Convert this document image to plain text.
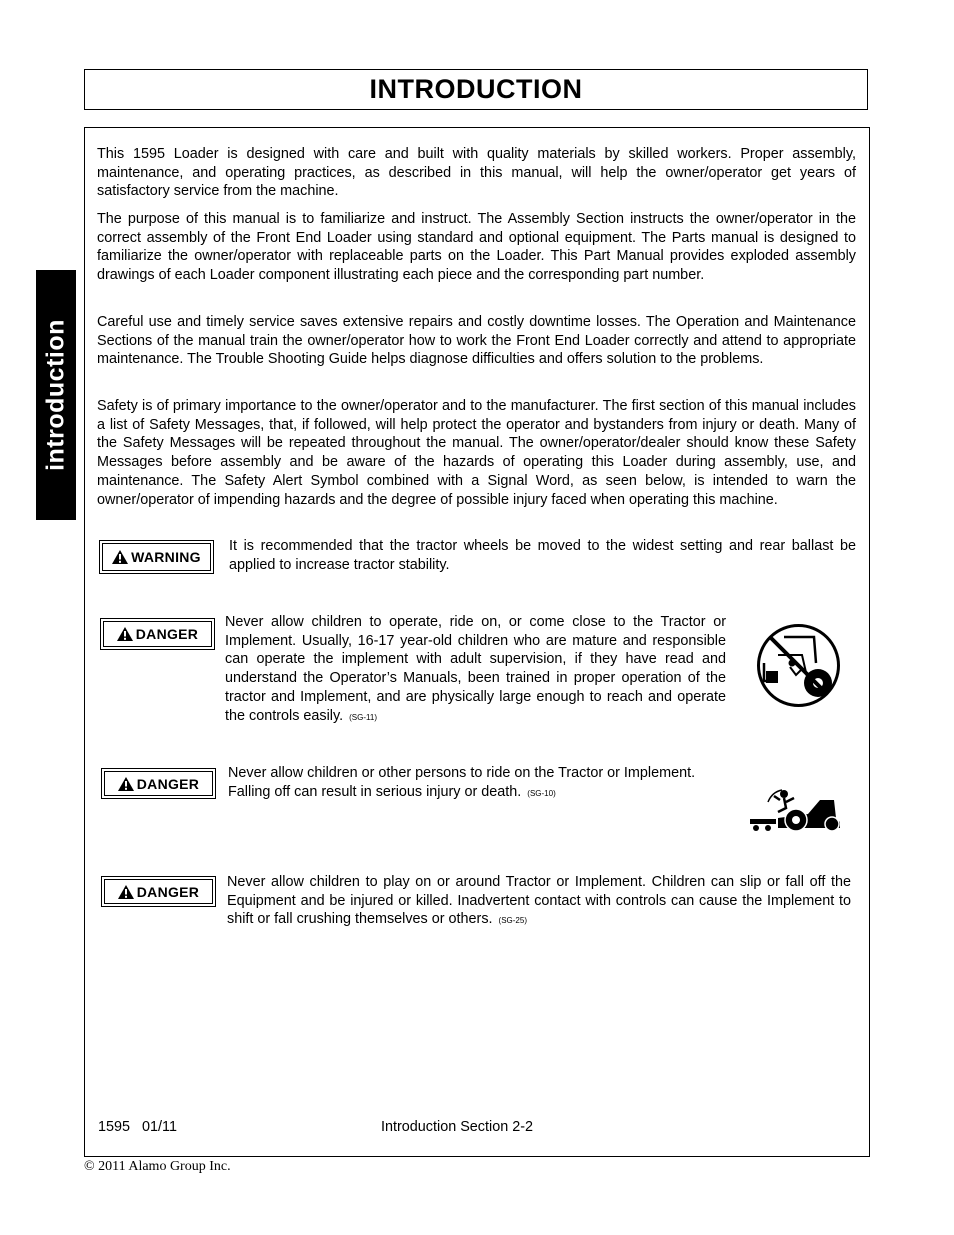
INTRODUCTION
introduction

This 1595 Loader is designed with care and built with quality materials by skilled workers. Proper assembly, maintenance, and operating practices, as described in this manual, will help the owner/operator get years of satisfactory service from the machine.

The purpose of this manual is to familiarize and instruct. The Assembly Section instructs the owner/operator in the correct assembly of the Front End Loader using standard and optional equipment. The Parts manual is designed to familiarize the owner/operator with replaceable parts on the Loader. This Part Manual provides exploded assembly drawings of each Loader component illustrating each piece and the corresponding part number.

Careful use and timely service saves extensive repairs and costly downtime losses. The Operation and Maintenance Sections of the manual train the owner/operator how to work the Front End Loader correctly and attend to appropriate maintenance. The Trouble Shooting Guide helps diagnose difficulties and offers solution to the problems.

Safety is of primary importance to the owner/operator and to the manufacturer. The first section of this manual includes a list of Safety Messages, that, if followed, will help protect the operator and bystanders from injury or death. Many of the Safety Messages will be repeated throughout the manual. The owner/operator/dealer should know these Safety Messages before assembly and be aware of the hazards of operating this Loader during assembly, use, and maintenance. The Safety Alert Symbol combined with a Signal Word, as seen below, is intended to warn the owner/operator of impending hazards and the degree of possible injury faced when operating this machine.

WARNING

It is recommended that the tractor wheels be moved to the widest setting and rear ballast be applied to increase tractor stability.

DANGER

Never allow children to operate, ride on, or come close to the Tractor or Implement. Usually, 16-17 year-old children who are mature and responsible can operate the implement with adult supervision, if they have read and understand the Operator’s Manuals, been trained in proper operation of the tractor and Implement, and are physically large enough to reach and operate the controls easily. (SG-11)

DANGER

Never allow children or other persons to ride on the Tractor or Implement. Falling off can result in serious injury or death. (SG-10)

DANGER

Never allow children to play on or around Tractor or Implement. Children can slip or fall off the Equipment and be injured or killed. Inadvertent contact with controls can cause the Implement to shift or fall crushing themselves or others. (SG-25)

1595   01/11	Introduction Section 2-2
© 2011 Alamo Group Inc.
